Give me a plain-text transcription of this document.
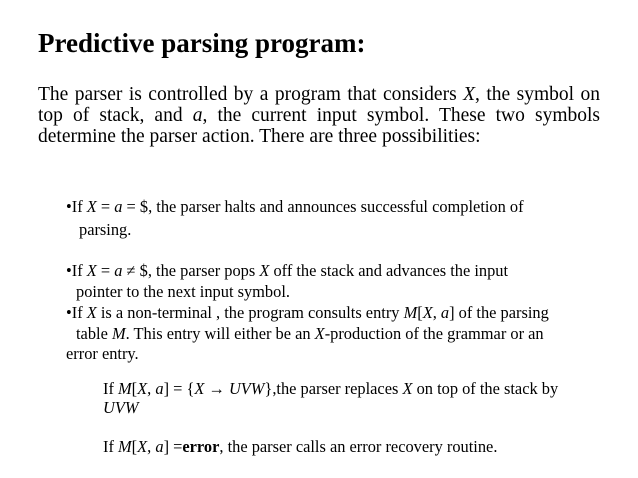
Predictive parsing program:

The parser is controlled by a program that considers X, the symbol on top of stack, and a, the current input symbol. These two symbols determine the parser action. There are three possibilities:

•If X = a = $, the parser halts and announces successful completion of

parsing.

•If X = a ≠ $, the parser pops X off the stack and advances the input

pointer to the next input symbol.

•If X is a non-terminal , the program consults entry M[X, a] of the parsing

table M. This entry will either be an X-production of the grammar or an

error entry.

If M[X, a] = {X → UVW},the parser replaces X on top of the stack by

UVW

If M[X, a] =error, the parser calls an error recovery routine.
